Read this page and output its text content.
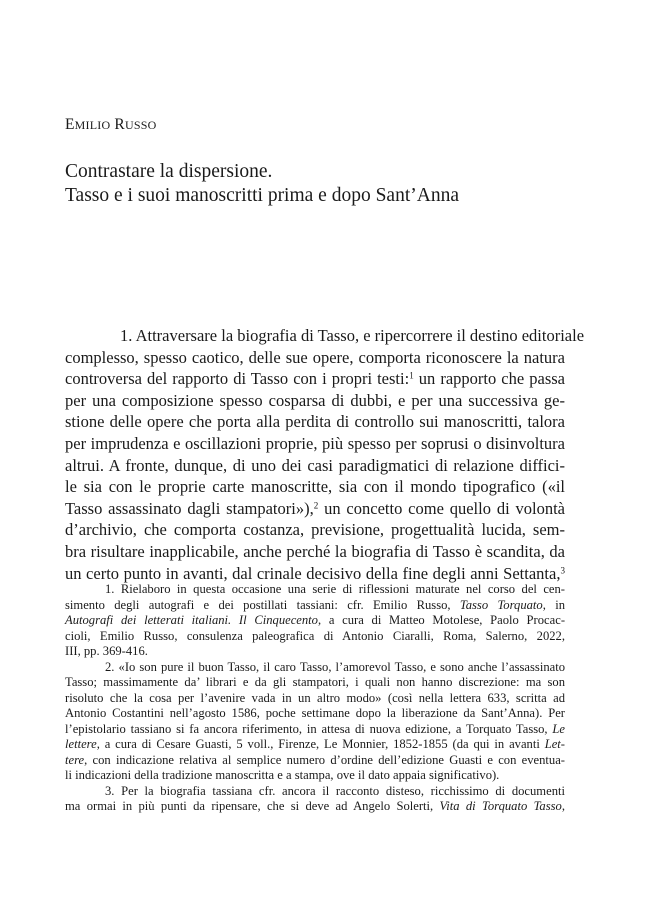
EMILIO RUSSO
Contrastare la dispersione.
Tasso e i suoi manoscritti prima e dopo Sant’Anna
1. Attraversare la biografia di Tasso, e ripercorrere il destino editoriale
complesso, spesso caotico, delle sue opere, comporta riconoscere la natura
controversa del rapporto di Tasso con i propri testi:$^1$ un rapporto che passa
per una composizione spesso cosparsa di dubbi, e per una successiva ge-
stione delle opere che porta alla perdita di controllo sui manoscritti, talora
per imprudenza e oscillazioni proprie, più spesso per soprusi o disinvoltura
altrui. A fronte, dunque, di uno dei casi paradigmatici di relazione diffici-
le sia con le proprie carte manoscritte, sia con il mondo tipografico («il
Tasso assassinato dagli stampatori»),$^2$ un concetto come quello di volontà
d’archivio, che comporta costanza, previsione, progettualità lucida, sem-
bra risultare inapplicabile, anche perché la biografia di Tasso è scandita, da
un certo punto in avanti, dal crinale decisivo della fine degli anni Settanta,$^3$
1. Rielaboro in questa occasione una serie di riflessioni maturate nel corso del cen-
simento degli autografi e dei postillati tassiani: cfr. Emilio Russo, Tasso Torquato, in
Autografi dei letterati italiani. Il Cinquecento, a cura di Matteo Motolese, Paolo Procac-
cioli, Emilio Russo, consulenza paleografica di Antonio Ciaralli, Roma, Salerno, 2022,
III, pp. 369-416.
2. «Io son pure il buon Tasso, il caro Tasso, l’amorevol Tasso, e sono anche l’assassinato
Tasso; massimamente da’ librari e da gli stampatori, i quali non hanno discrezione: ma son
risoluto che la cosa per l’avenire vada in un altro modo» (così nella lettera 633, scritta ad
Antonio Costantini nell’agosto 1586, poche settimane dopo la liberazione da Sant’Anna). Per
l’epistolario tassiano si fa ancora riferimento, in attesa di nuova edizione, a Torquato Tasso, Le
lettere, a cura di Cesare Guasti, 5 voll., Firenze, Le Monnier, 1852-1855 (da qui in avanti Let-
tere, con indicazione relativa al semplice numero d’ordine dell’edizione Guasti e con eventua-
li indicazioni della tradizione manoscritta e a stampa, ove il dato appaia significativo).
3. Per la biografia tassiana cfr. ancora il racconto disteso, ricchissimo di documenti
ma ormai in più punti da ripensare, che si deve ad Angelo Solerti, Vita di Torquato Tasso,
